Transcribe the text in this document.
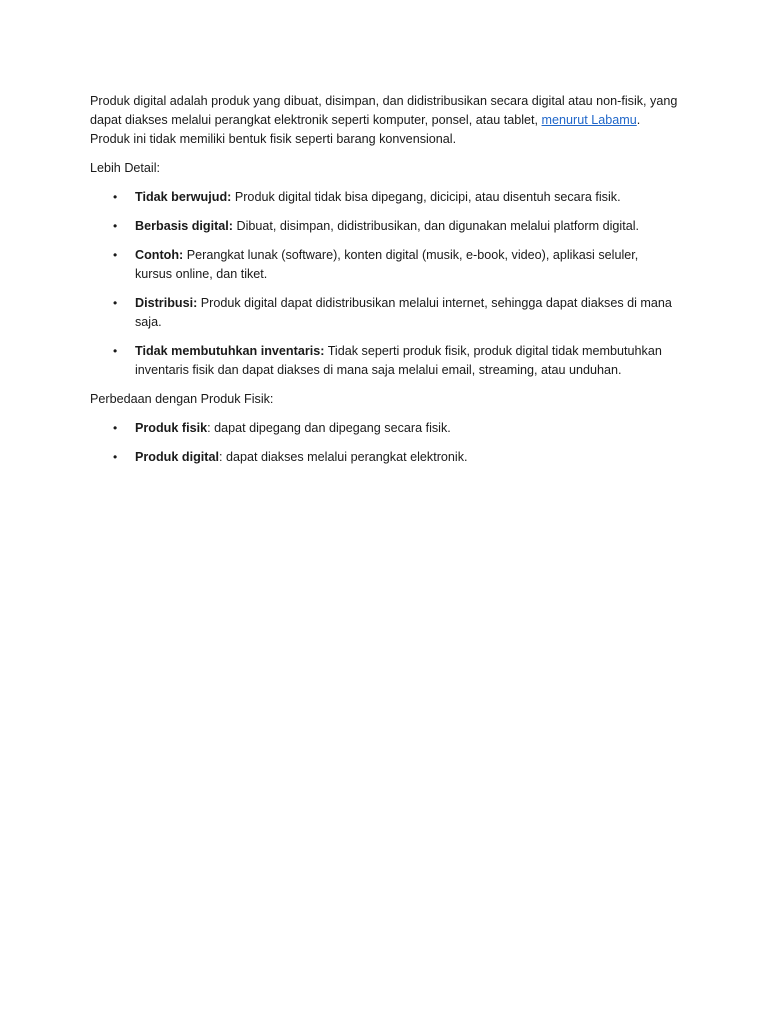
Produk digital adalah produk yang dibuat, disimpan, dan didistribusikan secara digital atau non-fisik, yang dapat diakses melalui perangkat elektronik seperti komputer, ponsel, atau tablet, menurut Labamu. Produk ini tidak memiliki bentuk fisik seperti barang konvensional.

Lebih Detail:

• Tidak berwujud: Produk digital tidak bisa dipegang, dicicipi, atau disentuh secara fisik.
• Berbasis digital: Dibuat, disimpan, didistribusikan, dan digunakan melalui platform digital.
• Contoh: Perangkat lunak (software), konten digital (musik, e-book, video), aplikasi seluler, kursus online, dan tiket.
• Distribusi: Produk digital dapat didistribusikan melalui internet, sehingga dapat diakses di mana saja.
• Tidak membutuhkan inventaris: Tidak seperti produk fisik, produk digital tidak membutuhkan inventaris fisik dan dapat diakses di mana saja melalui email, streaming, atau unduhan.

Perbedaan dengan Produk Fisik:

• Produk fisik: dapat dipegang dan dipegang secara fisik.
• Produk digital: dapat diakses melalui perangkat elektronik.
